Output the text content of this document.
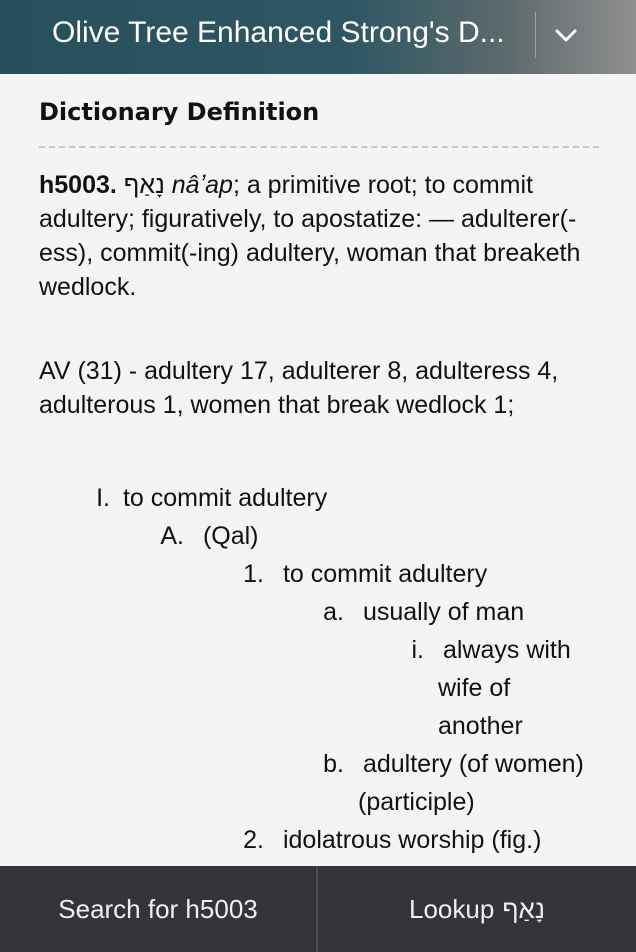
Olive Tree Enhanced Strong's D...
Dictionary Definition
h5003. נָאַף nâʼap; a primitive root; to commit adultery; figuratively, to apostatize: — adulterer(-ess), commit(-ing) adultery, woman that breaketh wedlock.
AV (31) - adultery 17, adulterer 8, adulteress 4, adulterous 1, women that break wedlock 1;
I. to commit adultery
A. (Qal)
1. to commit adultery
a. usually of man
i. always with
wife of
another
b. adultery (of women)
(participle)
2. idolatrous worship (fig.)
Search for h5003	Lookup נָאַף
